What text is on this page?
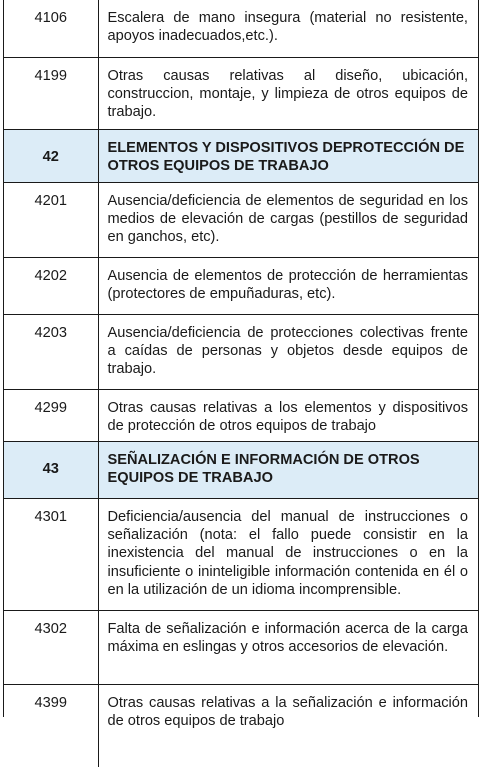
4106	Escalera de mano insegura (material no resistente, apoyos inadecuados,etc.).
4199	Otras causas relativas al diseño, ubicación, construccion, montaje, y limpieza de otros equipos de trabajo.
42	ELEMENTOS Y DISPOSITIVOS DEPROTECCIÓN DE OTROS EQUIPOS DE TRABAJO
4201	Ausencia/deficiencia de elementos de seguridad en los medios de elevación de cargas (pestillos de seguridad en ganchos, etc).
4202	Ausencia de elementos de protección de herramientas (protectores de empuñaduras, etc).
4203	Ausencia/deficiencia de protecciones colectivas frente a caídas de personas y objetos desde equipos de trabajo.
4299	Otras causas relativas a los elementos y dispositivos de protección de otros equipos de trabajo
43	SEÑALIZACIÓN E INFORMACIÓN DE OTROS EQUIPOS DE TRABAJO
4301	Deficiencia/ausencia del manual de instrucciones o señalización (nota: el fallo puede consistir en la inexistencia del manual de instrucciones o en la insuficiente o ininteligible información contenida en él o en la utilización de un idioma incomprensible.
4302	Falta de señalización e información acerca de la carga máxima en eslingas y otros accesorios de elevación.
4399	Otras causas relativas a la señalización e información de otros equipos de trabajo
